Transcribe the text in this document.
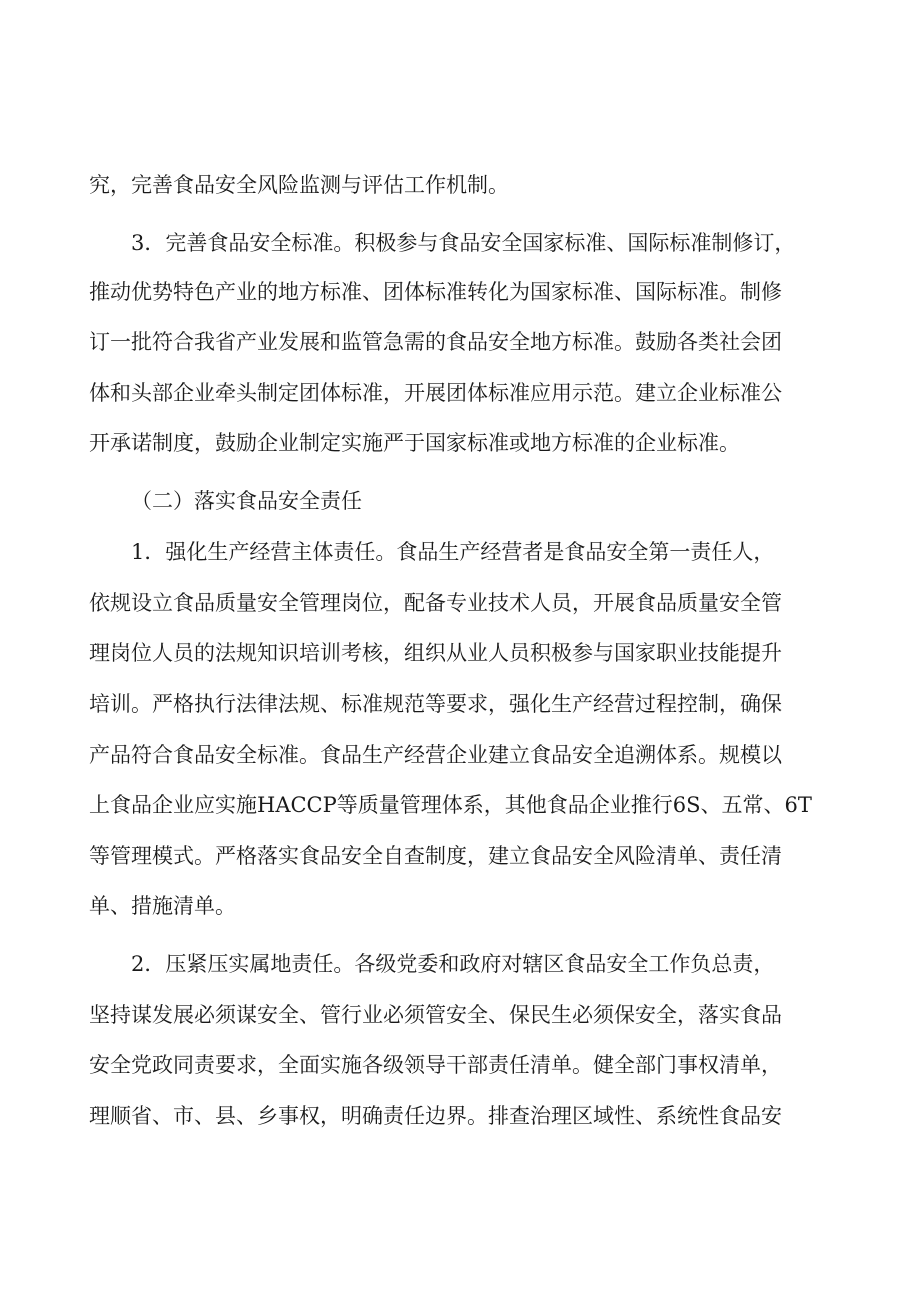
究，完善食品安全风险监测与评估工作机制。
3．完善食品安全标准。积极参与食品安全国家标准、国际标准制修订，
推动优势特色产业的地方标准、团体标准转化为国家标准、国际标准。制修
订一批符合我省产业发展和监管急需的食品安全地方标准。鼓励各类社会团
体和头部企业牵头制定团体标准，开展团体标准应用示范。建立企业标准公
开承诺制度，鼓励企业制定实施严于国家标准或地方标准的企业标准。
（二）落实食品安全责任
1．强化生产经营主体责任。食品生产经营者是食品安全第一责任人，
依规设立食品质量安全管理岗位，配备专业技术人员，开展食品质量安全管
理岗位人员的法规知识培训考核，组织从业人员积极参与国家职业技能提升
培训。严格执行法律法规、标准规范等要求，强化生产经营过程控制，确保
产品符合食品安全标准。食品生产经营企业建立食品安全追溯体系。规模以
上食品企业应实施HACCP等质量管理体系，其他食品企业推行6S、五常、6T
等管理模式。严格落实食品安全自查制度，建立食品安全风险清单、责任清
单、措施清单。
2．压紧压实属地责任。各级党委和政府对辖区食品安全工作负总责，
坚持谋发展必须谋安全、管行业必须管安全、保民生必须保安全，落实食品
安全党政同责要求，全面实施各级领导干部责任清单。健全部门事权清单，
理顺省、市、县、乡事权，明确责任边界。排查治理区域性、系统性食品安
